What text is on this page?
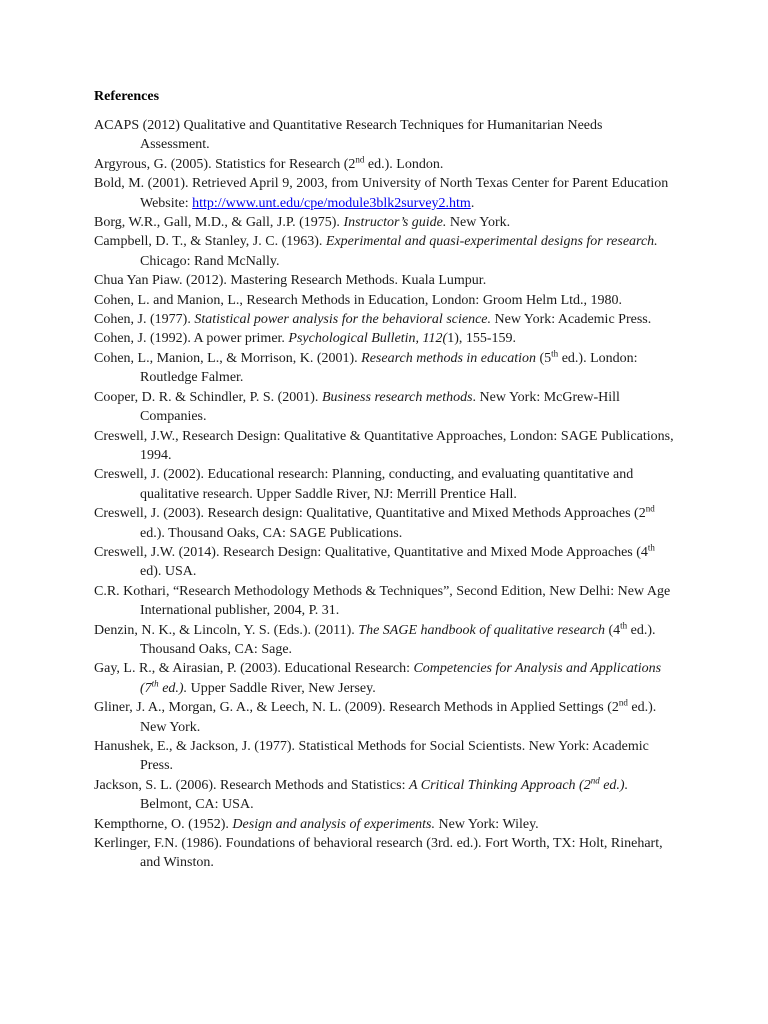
References

ACAPS (2012) Qualitative and Quantitative Research Techniques for Humanitarian Needs Assessment.

Argyrous, G. (2005). Statistics for Research (2nd ed.). London.

Bold, M. (2001). Retrieved April 9, 2003, from University of North Texas Center for Parent Education Website: http://www.unt.edu/cpe/module3blk2survey2.htm.

Borg, W.R., Gall, M.D., & Gall, J.P. (1975). Instructor’s guide. New York.

Campbell, D. T., & Stanley, J. C. (1963). Experimental and quasi-experimental designs for research. Chicago: Rand McNally.

Chua Yan Piaw. (2012). Mastering Research Methods. Kuala Lumpur.

Cohen, L. and Manion, L., Research Methods in Education, London: Groom Helm Ltd., 1980.

Cohen, J. (1977). Statistical power analysis for the behavioral science. New York: Academic Press.

Cohen, J. (1992). A power primer. Psychological Bulletin, 112(1), 155-159.

Cohen, L., Manion, L., & Morrison, K. (2001). Research methods in education (5th ed.). London: Routledge Falmer.

Cooper, D. R. & Schindler, P. S. (2001). Business research methods. New York: McGrew-Hill Companies.

Creswell, J.W., Research Design: Qualitative & Quantitative Approaches, London: SAGE Publications, 1994.

Creswell, J. (2002). Educational research: Planning, conducting, and evaluating quantitative and qualitative research. Upper Saddle River, NJ: Merrill Prentice Hall.

Creswell, J. (2003). Research design: Qualitative, Quantitative and Mixed Methods Approaches (2nd ed.). Thousand Oaks, CA: SAGE Publications.

Creswell, J.W. (2014). Research Design: Qualitative, Quantitative and Mixed Mode Approaches (4th ed). USA.

C.R. Kothari, “Research Methodology Methods & Techniques”, Second Edition, New Delhi: New Age International publisher, 2004, P. 31.

Denzin, N. K., & Lincoln, Y. S. (Eds.). (2011). The SAGE handbook of qualitative research (4th ed.). Thousand Oaks, CA: Sage.

Gay, L. R., & Airasian, P. (2003). Educational Research: Competencies for Analysis and Applications (7th ed.). Upper Saddle River, New Jersey.

Gliner, J. A., Morgan, G. A., & Leech, N. L. (2009). Research Methods in Applied Settings (2nd ed.). New York.

Hanushek, E., & Jackson, J. (1977). Statistical Methods for Social Scientists. New York: Academic Press.

Jackson, S. L. (2006). Research Methods and Statistics: A Critical Thinking Approach (2nd ed.). Belmont, CA: USA.

Kempthorne, O. (1952). Design and analysis of experiments. New York: Wiley.

Kerlinger, F.N. (1986). Foundations of behavioral research (3rd. ed.). Fort Worth, TX: Holt, Rinehart, and Winston.
